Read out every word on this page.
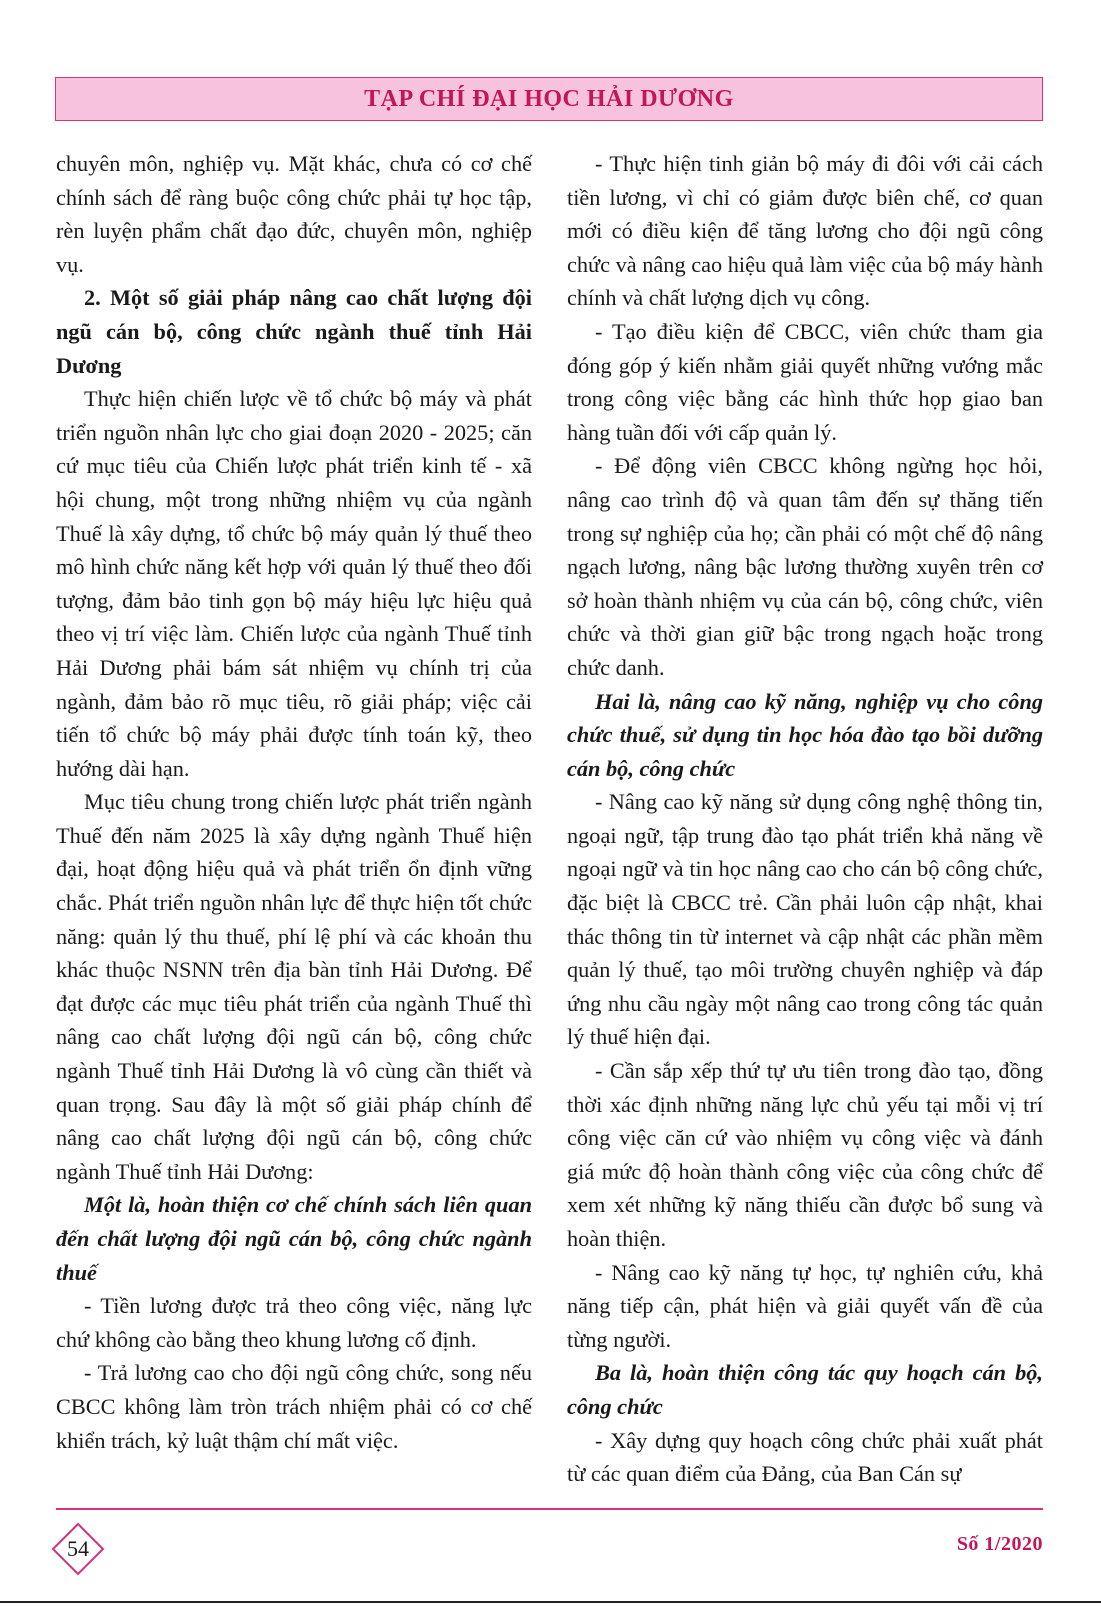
TẠP CHÍ ĐẠI HỌC HẢI DƯƠNG

chuyên môn, nghiệp vụ. Mặt khác, chưa có cơ chế chính sách để ràng buộc công chức phải tự học tập, rèn luyện phẩm chất đạo đức, chuyên môn, nghiệp vụ.

2. Một số giải pháp nâng cao chất lượng đội ngũ cán bộ, công chức ngành thuế tỉnh Hải Dương

Thực hiện chiến lược về tổ chức bộ máy và phát triển nguồn nhân lực cho giai đoạn 2020 - 2025; căn cứ mục tiêu của Chiến lược phát triển kinh tế - xã hội chung, một trong những nhiệm vụ của ngành Thuế là xây dựng, tổ chức bộ máy quản lý thuế theo mô hình chức năng kết hợp với quản lý thuế theo đối tượng, đảm bảo tinh gọn bộ máy hiệu lực hiệu quả theo vị trí việc làm. Chiến lược của ngành Thuế tỉnh Hải Dương phải bám sát nhiệm vụ chính trị của ngành, đảm bảo rõ mục tiêu, rõ giải pháp; việc cải tiến tổ chức bộ máy phải được tính toán kỹ, theo hướng dài hạn.

Mục tiêu chung trong chiến lược phát triển ngành Thuế đến năm 2025 là xây dựng ngành Thuế hiện đại, hoạt động hiệu quả và phát triển ổn định vững chắc. Phát triển nguồn nhân lực để thực hiện tốt chức năng: quản lý thu thuế, phí lệ phí và các khoản thu khác thuộc NSNN trên địa bàn tỉnh Hải Dương. Để đạt được các mục tiêu phát triển của ngành Thuế thì nâng cao chất lượng đội ngũ cán bộ, công chức ngành Thuế tỉnh Hải Dương là vô cùng cần thiết và quan trọng. Sau đây là một số giải pháp chính để nâng cao chất lượng đội ngũ cán bộ, công chức ngành Thuế tỉnh Hải Dương:

Một là, hoàn thiện cơ chế chính sách liên quan đến chất lượng đội ngũ cán bộ, công chức ngành thuế

- Tiền lương được trả theo công việc, năng lực chứ không cào bằng theo khung lương cố định.

- Trả lương cao cho đội ngũ công chức, song nếu CBCC không làm tròn trách nhiệm phải có cơ chế khiển trách, kỷ luật thậm chí mất việc.

- Thực hiện tinh giản bộ máy đi đôi với cải cách tiền lương, vì chỉ có giảm được biên chế, cơ quan mới có điều kiện để tăng lương cho đội ngũ công chức và nâng cao hiệu quả làm việc của bộ máy hành chính và chất lượng dịch vụ công.

- Tạo điều kiện để CBCC, viên chức tham gia đóng góp ý kiến nhằm giải quyết những vướng mắc trong công việc bằng các hình thức họp giao ban hàng tuần đối với cấp quản lý.

- Để động viên CBCC không ngừng học hỏi, nâng cao trình độ và quan tâm đến sự thăng tiến trong sự nghiệp của họ; cần phải có một chế độ nâng ngạch lương, nâng bậc lương thường xuyên trên cơ sở hoàn thành nhiệm vụ của cán bộ, công chức, viên chức và thời gian giữ bậc trong ngạch hoặc trong chức danh.

Hai là, nâng cao kỹ năng, nghiệp vụ cho công chức thuế, sử dụng tin học hóa đào tạo bồi dưỡng cán bộ, công chức

- Nâng cao kỹ năng sử dụng công nghệ thông tin, ngoại ngữ, tập trung đào tạo phát triển khả năng về ngoại ngữ và tin học nâng cao cho cán bộ công chức, đặc biệt là CBCC trẻ. Cần phải luôn cập nhật, khai thác thông tin từ internet và cập nhật các phần mềm quản lý thuế, tạo môi trường chuyên nghiệp và đáp ứng nhu cầu ngày một nâng cao trong công tác quản lý thuế hiện đại.

- Cần sắp xếp thứ tự ưu tiên trong đào tạo, đồng thời xác định những năng lực chủ yếu tại mỗi vị trí công việc căn cứ vào nhiệm vụ công việc và đánh giá mức độ hoàn thành công việc của công chức để xem xét những kỹ năng thiếu cần được bổ sung và hoàn thiện.

- Nâng cao kỹ năng tự học, tự nghiên cứu, khả năng tiếp cận, phát hiện và giải quyết vấn đề của từng người.

Ba là, hoàn thiện công tác quy hoạch cán bộ, công chức

- Xây dựng quy hoạch công chức phải xuất phát từ các quan điểm của Đảng, của Ban Cán sự

54	Số 1/2020
